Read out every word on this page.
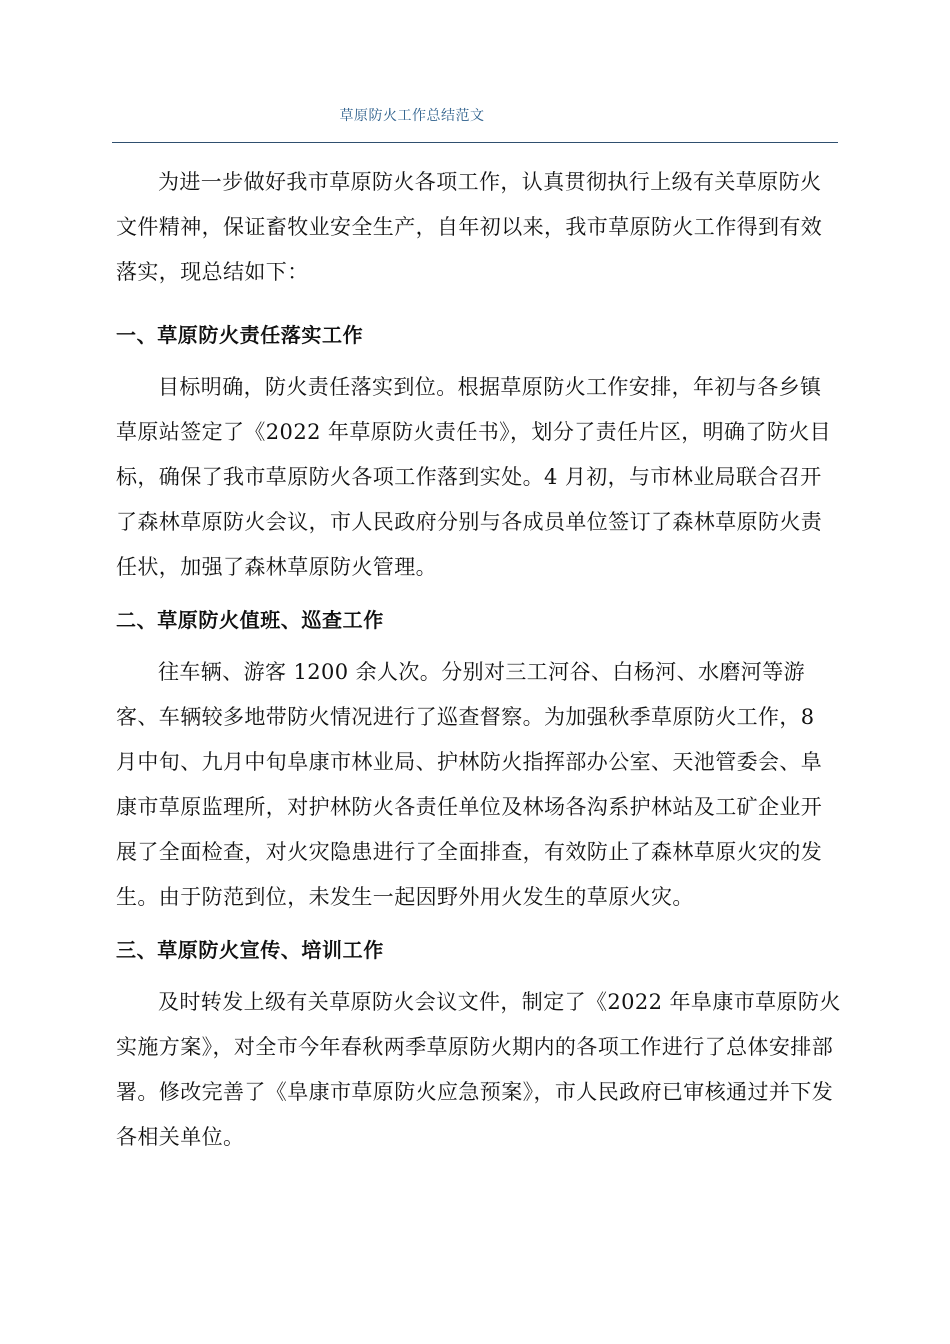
草原防火工作总结范文

为进一步做好我市草原防火各项工作，认真贯彻执行上级有关草原防火文件精神，保证畜牧业安全生产，自年初以来，我市草原防火工作得到有效落实，现总结如下：

一、草原防火责任落实工作

目标明确，防火责任落实到位。根据草原防火工作安排，年初与各乡镇草原站签定了《2022 年草原防火责任书》，划分了责任片区，明确了防火目标，确保了我市草原防火各项工作落到实处。4 月初，与市林业局联合召开了森林草原防火会议，市人民政府分别与各成员单位签订了森林草原防火责任状，加强了森林草原防火管理。

二、草原防火值班、巡查工作

往车辆、游客 1200 余人次。分别对三工河谷、白杨河、水磨河等游客、车辆较多地带防火情况进行了巡查督察。为加强秋季草原防火工作，8 月中旬、九月中旬阜康市林业局、护林防火指挥部办公室、天池管委会、阜康市草原监理所，对护林防火各责任单位及林场各沟系护林站及工矿企业开展了全面检查，对火灾隐患进行了全面排查，有效防止了森林草原火灾的发生。由于防范到位，未发生一起因野外用火发生的草原火灾。

三、草原防火宣传、培训工作

及时转发上级有关草原防火会议文件，制定了《2022 年阜康市草原防火实施方案》，对全市今年春秋两季草原防火期内的各项工作进行了总体安排部署。修改完善了《阜康市草原防火应急预案》，市人民政府已审核通过并下发各相关单位。
